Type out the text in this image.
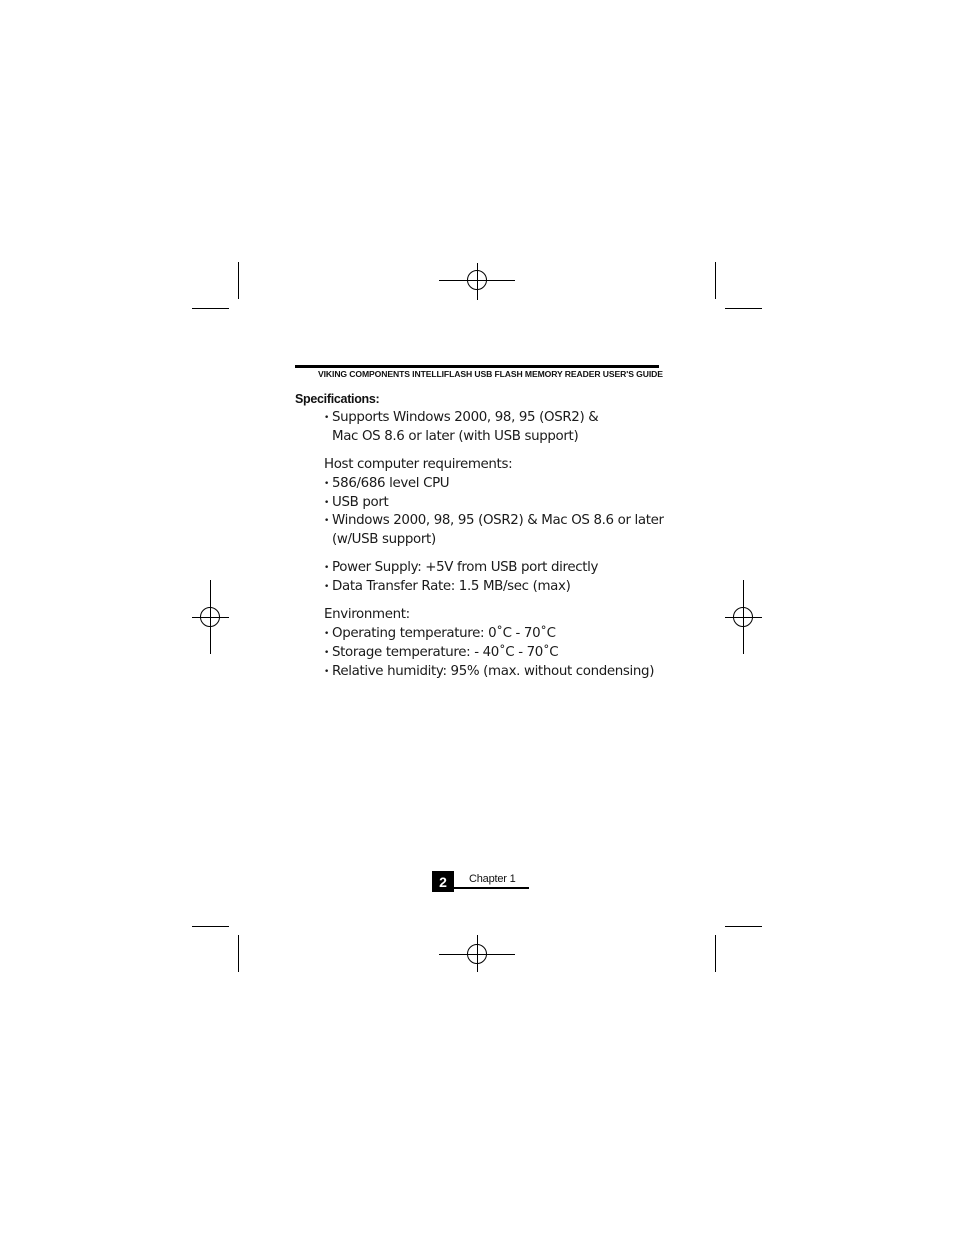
VIKING COMPONENTS INTELLIFLASH USB FLASH MEMORY READER USER'S GUIDE
Specifications:
• Supports Windows 2000, 98, 95 (OSR2) &
Mac OS 8.6 or later (with USB support)
Host computer requirements:
• 586/686 level CPU
• USB port
• Windows 2000, 98, 95 (OSR2) & Mac OS 8.6 or later
(w/USB support)
• Power Supply: +5V from USB port directly
• Data Transfer Rate: 1.5 MB/sec (max)
Environment:
• Operating temperature: 0˚C - 70˚C
• Storage temperature: - 40˚C - 70˚C
• Relative humidity: 95% (max. without condensing)
2 Chapter 1
